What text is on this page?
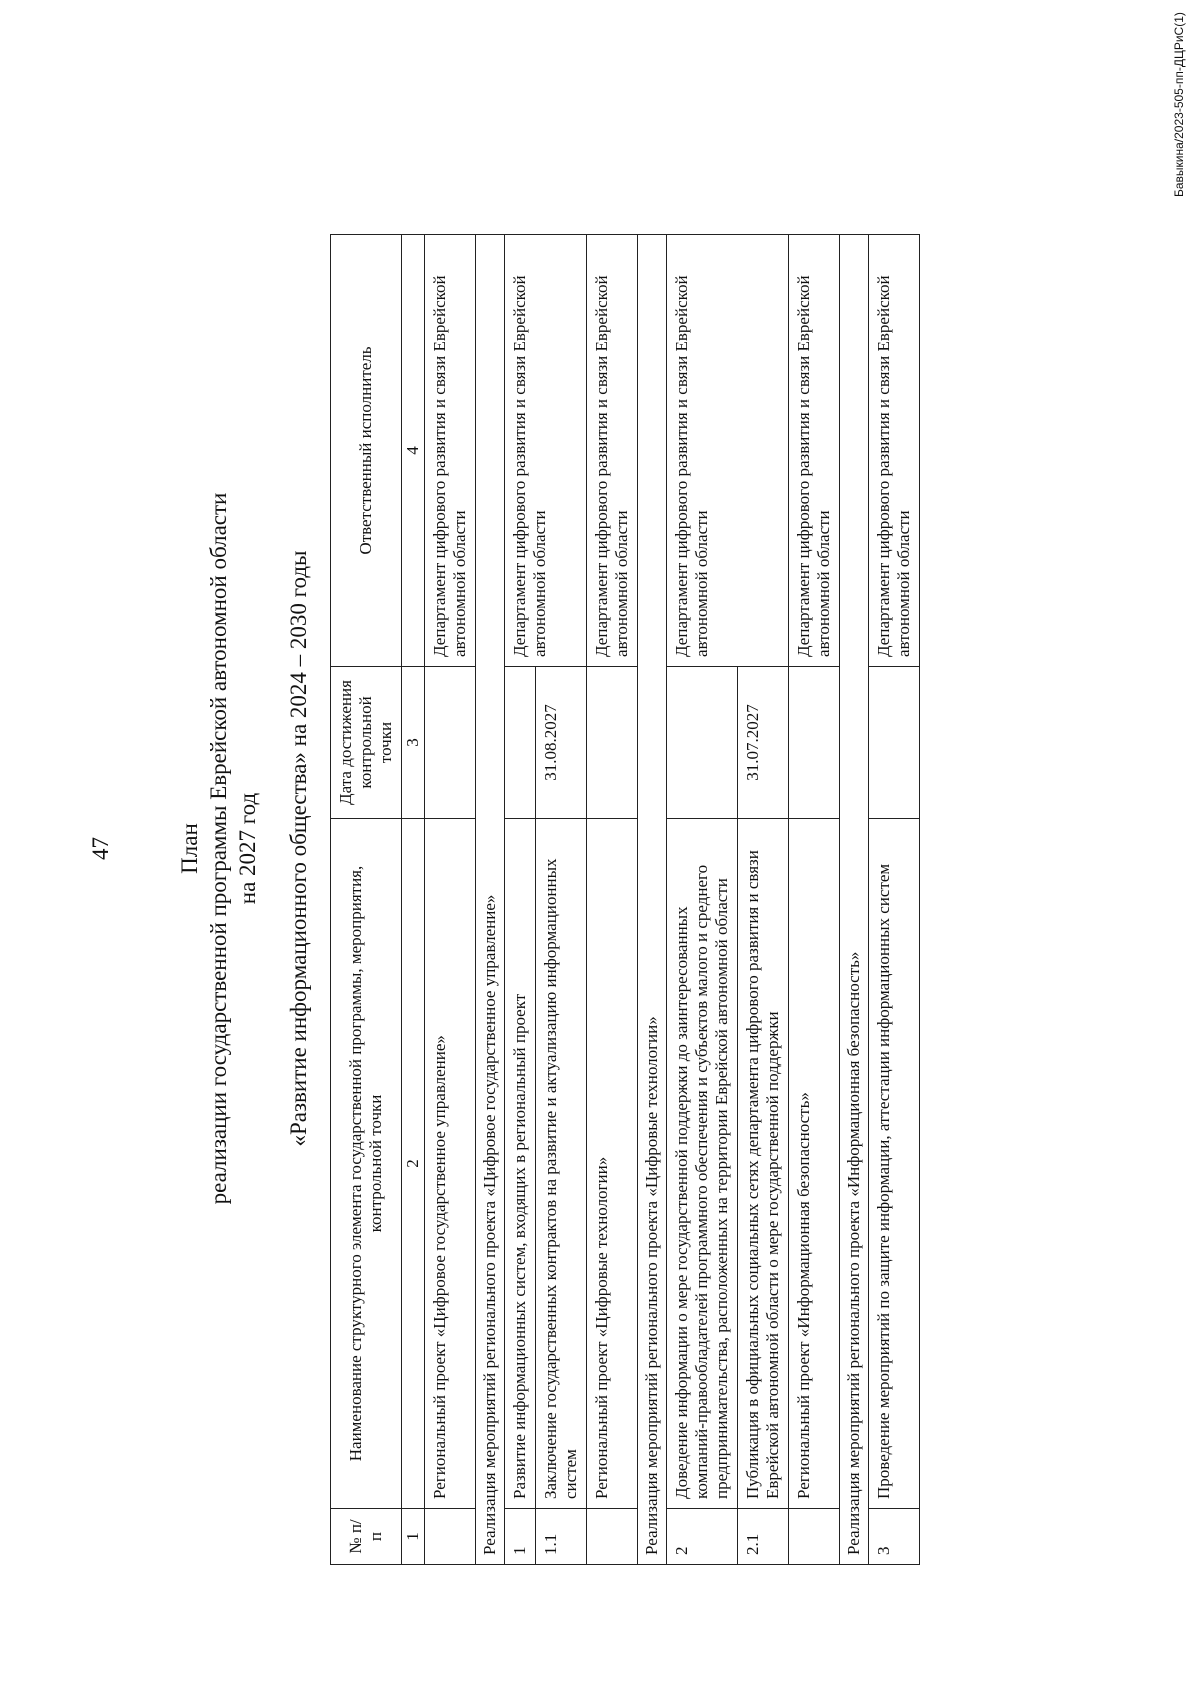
47	План реализации государственной программы Еврейской автономной области на 2027 год «Развитие информационного общества» на 2024 – 2030 годы
№ п/п	Наименование структурного элемента государственной программы, мероприятия, контрольной точки	Дата достижения контрольной точки	Ответственный исполнитель
1	2	3	4
	Региональный проект «Цифровое государственное управление»		Департамент цифрового развития и связи Еврейской автономной области
Реализация мероприятий регионального проекта «Цифровое государственное управление»			
1	Развитие информационных систем, входящих в региональный проект		Департамент цифрового развития и связи Еврейской автономной области
1.1	Заключение государственных контрактов на развитие и актуализацию информационных систем	31.08.2027	
	Региональный проект «Цифровые технологии»		Департамент цифрового развития и связи Еврейской автономной области
Реализация мероприятий регионального проекта «Цифровые технологии»			
2	Доведение информации о мере государственной поддержки до заинтересованных компаний-правообладателей программного обеспечения и субъектов малого и среднего предпринимательства, расположенных на территории Еврейской автономной области		Департамент цифрового развития и связи Еврейской автономной области
2.1	Публикация в официальных социальных сетях департамента цифрового развития и связи Еврейской автономной области о мере государственной поддержки	31.07.2027	
	Региональный проект «Информационная безопасность»		Департамент цифрового развития и связи Еврейской автономной области
Реализация мероприятий регионального проекта «Информационная безопасность»			
3	Проведение мероприятий по защите информации, аттестации информационных систем		Департамент цифрового развития и связи Еврейской автономной области
Бавыкина/2023-505-пп-ДЦРиС(1)
